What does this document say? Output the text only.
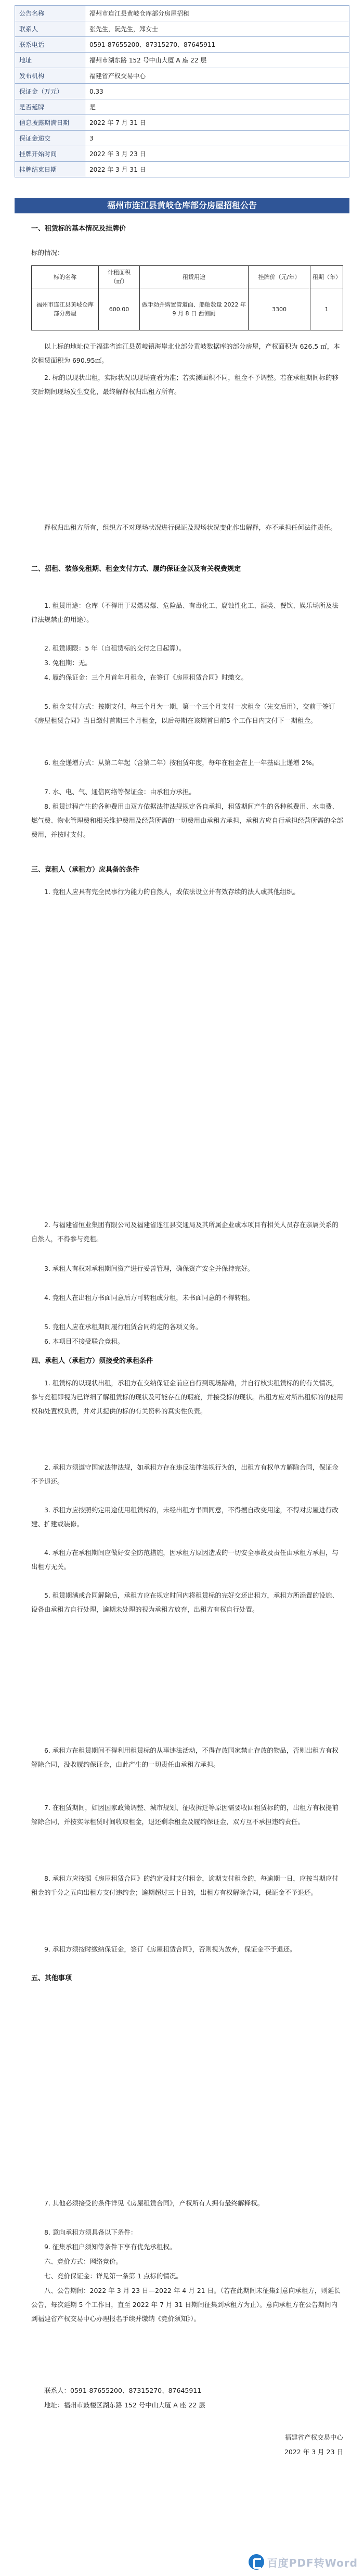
公告名称	福州市连江县黄岐仓库部分房屋招租
联系人	张先生，阮先生，郑女士
联系电话	0591-87655200、87315270、87645911
地址	福州市湖东路 152 号中山大厦 A 座 22 层
发布机构	福建省产权交易中心
保证金（万元）	0.33
是否延牌	是
信息披露期满日期	2022 年 7 月 31 日
保证金递交	3
挂牌开始时间	2022 年 3 月 23 日
挂牌结束日期	2022 年 3 月 31 日
福州市连江县黄岐仓库部分房屋招租公告
一、租赁标的基本情况及挂牌价
标的情况：
标的名称	计租面积（㎡）	租赁用途	挂牌价（元/年）	租期（年）
福州市连江县黄岐仓库部分房屋	600.00	做手动并购置管道面、船舶数量 2022 年 9 月 8 日 西侧厕	3300	1
以上标的地址位于福建省连江县黄岐镇海岸北业部分黄岐数据库的部分房屋，产权面积为 626.5 ㎡，本次租赁面积为 690.95㎡。
2. 标的以现状出租，实际状况以现场查看为准；若实测面积不同，租金不予调整。若在承租期间标的移交后期间现场发生变化，最终解释权归出租方所有。
释权归出租方所有，组织方不对现场状况进行保证及现场状况变化作出解释，亦不承担任何法律责任。
二、招租、装修免租期、租金支付方式、履约保证金以及有关税费规定
1. 租赁用途：仓库（不得用于易燃易爆、危险品、有毒化工、腐蚀性化工、酒类、餐饮、娱乐场所及法律法规禁止的用途）。
2. 租赁期限：5 年（自租赁标的交付之日起算）。
3. 免租期：无。
4. 履约保证金：三个月首年月租金，在签订《房屋租赁合同》时缴交。
5. 租金支付方式：按期支付，每三个月为一期，第一个三个月支付一次租金（先交后用），交前于签订《房屋租赁合同》当日缴付首期三个月租金，以后每期在该期首日前5 个工作日内支付下一期租金。
6. 租金递增方式：从第二年起（含第二年）按租赁年度，每年在租金在上一年基础上递增 2%。
7. 水、电、气、通信网络等保证金：由承租方承担。
8. 租赁过程产生的各种费用由双方依据法律法规规定各自承担，租赁期间产生的各种税费用、水电费、燃气费、物业管理费和相关维护费用及经营所需的一切费用由承租方承担，承租方应自行承担经营所需的全部费用，并按时支付。
三、竞租人（承租方）应具备的条件
1. 竞租人应具有完全民事行为能力的自然人，或依法设立并有效存续的法人或其他组织。
2. 与福建省恒业集团有限公司及福建省连江县交通局及其所属企业或本项目有相关人员存在亲属关系的自然人，不得参与竞租。
3. 承租人有权对承租期间资产进行妥善管理，确保资产安全并保持完好。
4. 竞租人在出租方书面同意后方可转租或分租，未书面同意的不得转租。
5. 竞租人应在承租期间履行租赁合同约定的各项义务。
6. 本项目不接受联合竞租。
四、承租人（承租方）须接受的承租条件
1. 租赁标的以现状出租，承租方在交纳保证金前应自行到现场踏勘，并自行核实租赁标的的有关情况，参与竞租即视为已详细了解租赁标的现状及可能存在的瑕疵，并接受标的现状。出租方应对所出租标的的使用权和处置权负责，并对其提供的标的有关资料的真实性负责。
2. 承租方须遵守国家法律法规，如承租方存在违反法律法规行为的，出租方有权单方解除合同，保证金不予退还。
3. 承租方应按照约定用途使用租赁标的，未经出租方书面同意，不得擅自改变用途，不得对房屋进行改建、扩建或装修。
4. 承租方在承租期间应做好安全防范措施，因承租方原因造成的一切安全事故及责任由承租方承担，与出租方无关。
5. 租赁期满或合同解除后，承租方应在规定时间内将租赁标的完好交还出租方，承租方所添置的设施、设备由承租方自行处理，逾期未处理的视为承租方放弃，出租方有权自行处置。
6. 承租方在租赁期间不得利用租赁标的从事违法活动，不得存放国家禁止存放的物品，否则出租方有权解除合同，没收履约保证金，由此产生的一切责任由承租方承担。
7. 在租赁期间，如因国家政策调整、城市规划、征收拆迁等原因需要收回租赁标的的，出租方有权提前解除合同，并按实际租赁时间收取租金，退还剩余租金及履约保证金，双方互不承担违约责任。
8. 承租方应按照《房屋租赁合同》的约定及时支付租金，逾期支付租金的，每逾期一日，应按当期应付租金的千分之五向出租方支付违约金；逾期超过三十日的，出租方有权解除合同，保证金不予退还。
9. 承租方须按时缴纳保证金，签订《房屋租赁合同》，否则视为放弃，保证金不予退还。
五、其他事项
7. 其他必须接受的条件详见《房屋租赁合同》，产权所有人拥有最终解释权。
8. 意向承租方须具备以下条件：
9. 征集承租户须知等条件下享有优先承租权。
六、竞价方式：网络竞价。
七、竞价保证金：详见第一条第 1 点标的情况。
八、公告期间：2022 年 3 月 23 日—2022 年 4 月 21 日。（若在此期间未征集到意向承租方，则延长公告，每次延期 5 个工作日，直至 2022 年 7 月 31 日期间征集到承租方为止）。意向承租方在公告期间内到福建省产权交易中心办理报名手续并缴纳《竞价须知》）。
联系人：0591-87655200、87315270、87645911
地址：福州市鼓楼区湖东路 152 号中山大厦 A 座 22 层
福建省产权交易中心
2022 年 3 月 23 日
百度PDF转Word
